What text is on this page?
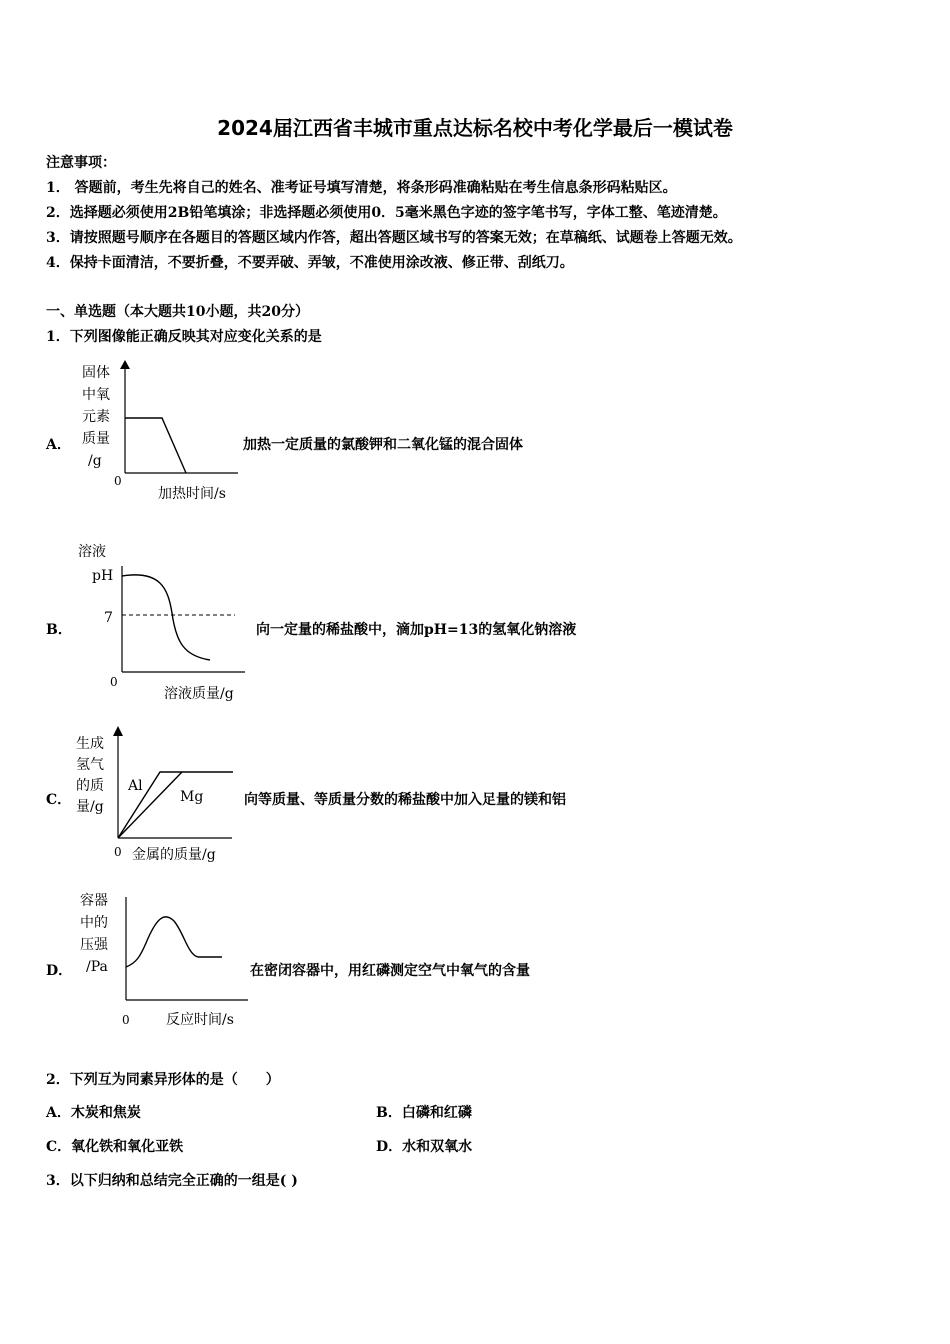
2024届江西省丰城市重点达标名校中考化学最后一模试卷
注意事项：
1． 答题前，考生先将自己的姓名、准考证号填写清楚，将条形码准确粘贴在考生信息条形码粘贴区。
2．选择题必须使用2B铅笔填涂；非选择题必须使用0．5毫米黑色字迹的签字笔书写，字体工整、笔迹清楚。
3．请按照题号顺序在各题目的答题区域内作答，超出答题区域书写的答案无效；在草稿纸、试题卷上答题无效。
4．保持卡面清洁，不要折叠，不要弄破、弄皱，不准使用涂改液、修正带、刮纸刀。
一、单选题（本大题共10小题，共20分）
1．下列图像能正确反映其对应变化关系的是
A．
固体
中氧
元素
质量
/g
0
加热时间/s
加热一定质量的氯酸钾和二氧化锰的混合固体
B．
溶液
pH
7
0
溶液质量/g
向一定量的稀盐酸中，滴加pH=13的氢氧化钠溶液
C．
生成
氢气
的质
量/g
Al
Mg
0 金属的质量/g
向等质量、等质量分数的稀盐酸中加入足量的镁和铝
D．
容器
中的
压强
/Pa
0	反应时间/s
在密闭容器中，用红磷测定空气中氧气的含量
2．下列互为同素异形体的是（　　）
A．木炭和焦炭	B．白磷和红磷
C．氧化铁和氧化亚铁	D．水和双氧水
3．以下归纳和总结完全正确的一组是( )
